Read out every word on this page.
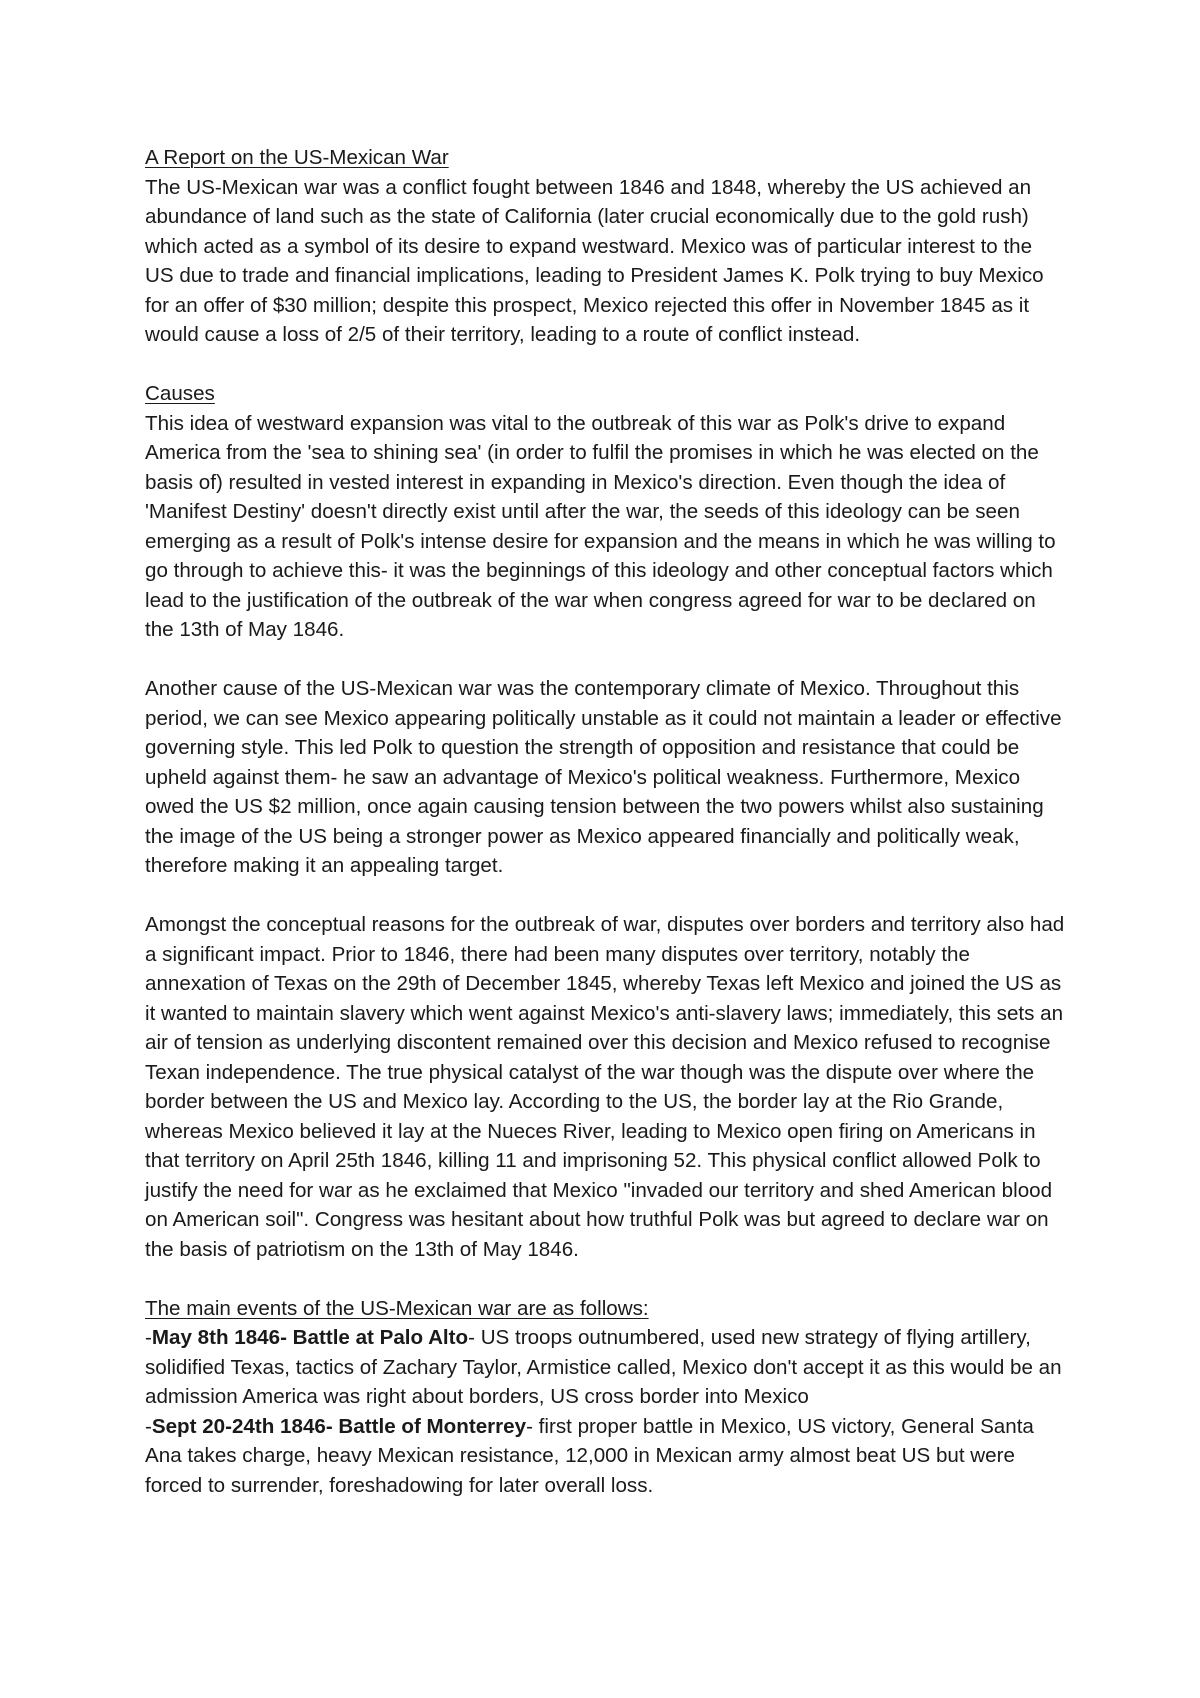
A Report on the US-Mexican War

The US-Mexican war was a conflict fought between 1846 and 1848, whereby the US achieved an abundance of land such as the state of California (later crucial economically due to the gold rush) which acted as a symbol of its desire to expand westward. Mexico was of particular interest to the US due to trade and financial implications, leading to President James K. Polk trying to buy Mexico for an offer of $30 million; despite this prospect, Mexico rejected this offer in November 1845 as it would cause a loss of 2/5 of their territory, leading to a route of conflict instead.

Causes

This idea of westward expansion was vital to the outbreak of this war as Polk's drive to expand America from the 'sea to shining sea' (in order to fulfil the promises in which he was elected on the basis of) resulted in vested interest in expanding in Mexico's direction. Even though the idea of 'Manifest Destiny' doesn't directly exist until after the war, the seeds of this ideology can be seen emerging as a result of Polk's intense desire for expansion and the means in which he was willing to go through to achieve this- it was the beginnings of this ideology and other conceptual factors which lead to the justification of the outbreak of the war when congress agreed for war to be declared on the 13th of May 1846.

Another cause of the US-Mexican war was the contemporary climate of Mexico. Throughout this period, we can see Mexico appearing politically unstable as it could not maintain a leader or effective governing style. This led Polk to question the strength of opposition and resistance that could be upheld against them- he saw an advantage of Mexico's political weakness. Furthermore, Mexico owed the US $2 million, once again causing tension between the two powers whilst also sustaining the image of the US being a stronger power as Mexico appeared financially and politically weak, therefore making it an appealing target.

Amongst the conceptual reasons for the outbreak of war, disputes over borders and territory also had a significant impact. Prior to 1846, there had been many disputes over territory, notably the annexation of Texas on the 29th of December 1845, whereby Texas left Mexico and joined the US as it wanted to maintain slavery which went against Mexico's anti-slavery laws; immediately, this sets an air of tension as underlying discontent remained over this decision and Mexico refused to recognise Texan independence. The true physical catalyst of the war though was the dispute over where the border between the US and Mexico lay. According to the US, the border lay at the Rio Grande, whereas Mexico believed it lay at the Nueces River, leading to Mexico open firing on Americans in that territory on April 25th 1846, killing 11 and imprisoning 52. This physical conflict allowed Polk to justify the need for war as he exclaimed that Mexico "invaded our territory and shed American blood on American soil". Congress was hesitant about how truthful Polk was but agreed to declare war on the basis of patriotism on the 13th of May 1846.

The main events of the US-Mexican war are as follows:

-May 8th 1846- Battle at Palo Alto- US troops outnumbered, used new strategy of flying artillery, solidified Texas, tactics of Zachary Taylor, Armistice called, Mexico don't accept it as this would be an admission America was right about borders, US cross border into Mexico

-Sept 20-24th 1846- Battle of Monterrey- first proper battle in Mexico, US victory, General Santa Ana takes charge, heavy Mexican resistance, 12,000 in Mexican army almost beat US but were forced to surrender, foreshadowing for later overall loss.
